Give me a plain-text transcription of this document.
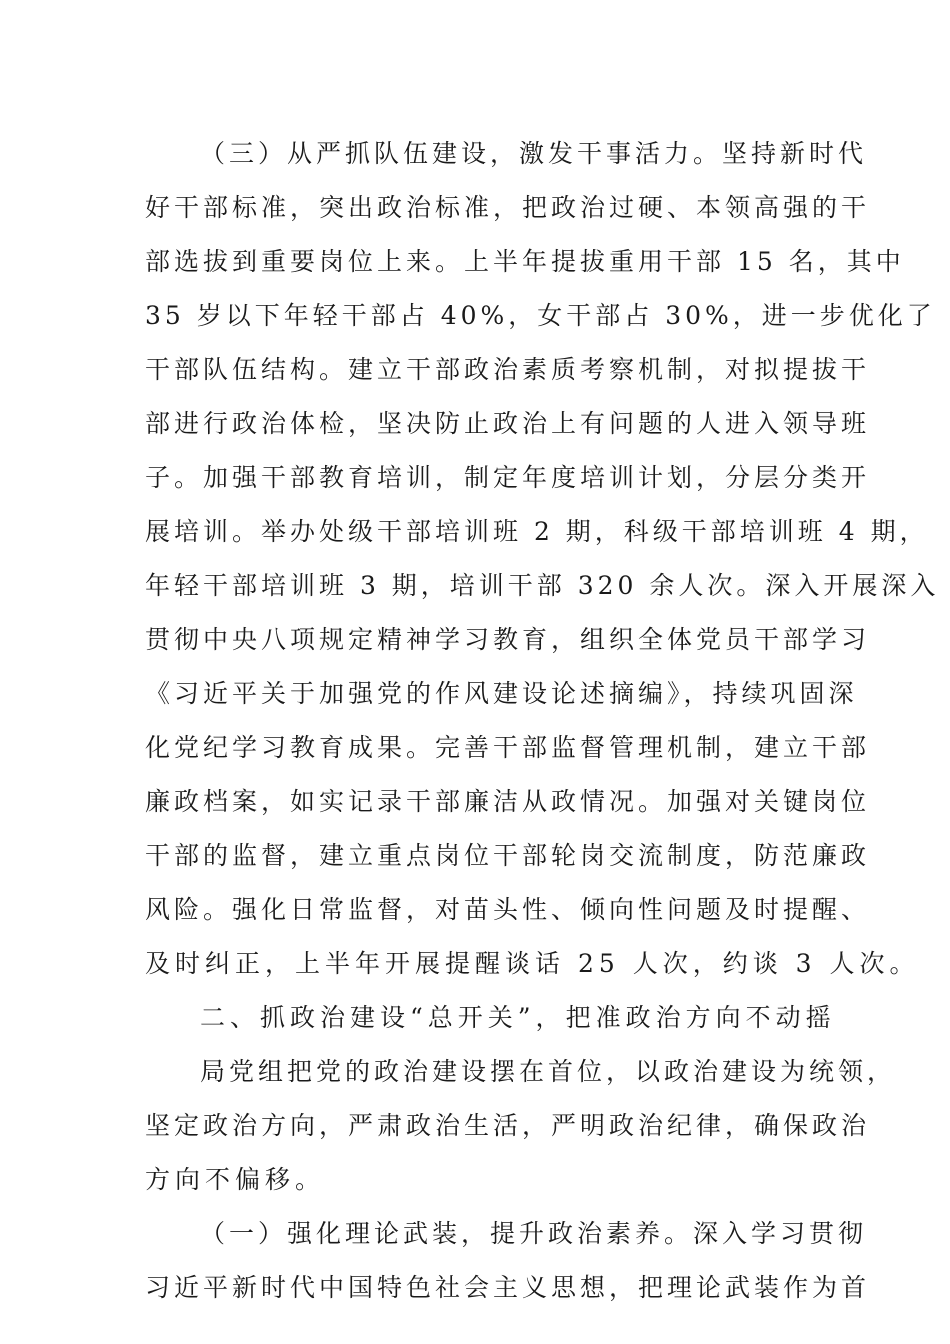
（三）从严抓队伍建设，激发干事活力。坚持新时代
好干部标准，突出政治标准，把政治过硬、本领高强的干
部选拔到重要岗位上来。上半年提拔重用干部 15 名，其中
35 岁以下年轻干部占 40%，女干部占 30%，进一步优化了
干部队伍结构。建立干部政治素质考察机制，对拟提拔干
部进行政治体检，坚决防止政治上有问题的人进入领导班
子。加强干部教育培训，制定年度培训计划，分层分类开
展培训。举办处级干部培训班 2 期，科级干部培训班 4 期，
年轻干部培训班 3 期，培训干部 320 余人次。深入开展深入
贯彻中央八项规定精神学习教育，组织全体党员干部学习
《习近平关于加强党的作风建设论述摘编》，持续巩固深
化党纪学习教育成果。完善干部监督管理机制，建立干部
廉政档案，如实记录干部廉洁从政情况。加强对关键岗位
干部的监督，建立重点岗位干部轮岗交流制度，防范廉政
风险。强化日常监督，对苗头性、倾向性问题及时提醒、
及时纠正，上半年开展提醒谈话 25 人次，约谈 3 人次。
二、抓政治建设“总开关”，把准政治方向不动摇
局党组把党的政治建设摆在首位，以政治建设为统领，
坚定政治方向，严肃政治生活，严明政治纪律，确保政治
方向不偏移。
（一）强化理论武装，提升政治素养。深入学习贯彻
习近平新时代中国特色社会主义思想，把理论武装作为首
